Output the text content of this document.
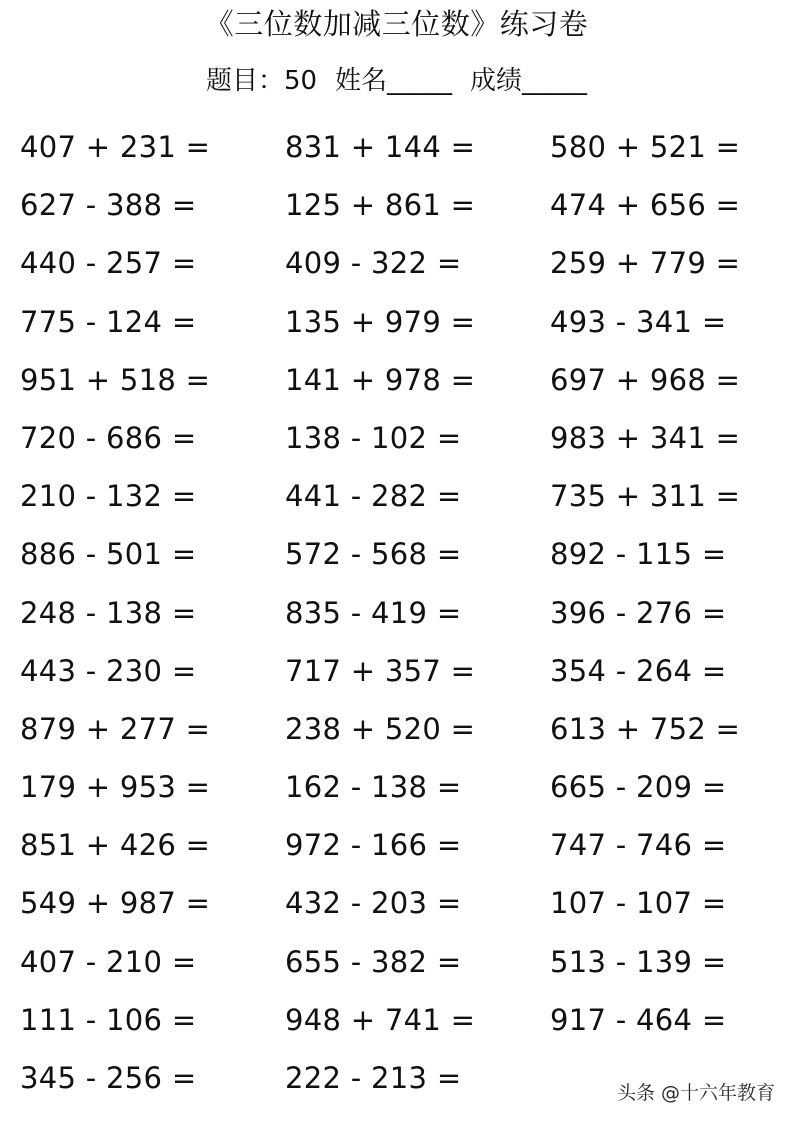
《三位数加减三位数》练习卷
题目：50 姓名_____ 成绩_____
407 + 231 =	831 + 144 =	580 + 521 =
627 - 388 =	125 + 861 =	474 + 656 =
440 - 257 =	409 - 322 =	259 + 779 =
775 - 124 =	135 + 979 =	493 - 341 =
951 + 518 =	141 + 978 =	697 + 968 =
720 - 686 =	138 - 102 =	983 + 341 =
210 - 132 =	441 - 282 =	735 + 311 =
886 - 501 =	572 - 568 =	892 - 115 =
248 - 138 =	835 - 419 =	396 - 276 =
443 - 230 =	717 + 357 =	354 - 264 =
879 + 277 =	238 + 520 =	613 + 752 =
179 + 953 =	162 - 138 =	665 - 209 =
851 + 426 =	972 - 166 =	747 - 746 =
549 + 987 =	432 - 203 =	107 - 107 =
407 - 210 =	655 - 382 =	513 - 139 =
111 - 106 =	948 + 741 =	917 - 464 =
345 - 256 =	222 - 213 =	头条 @十六年教育
